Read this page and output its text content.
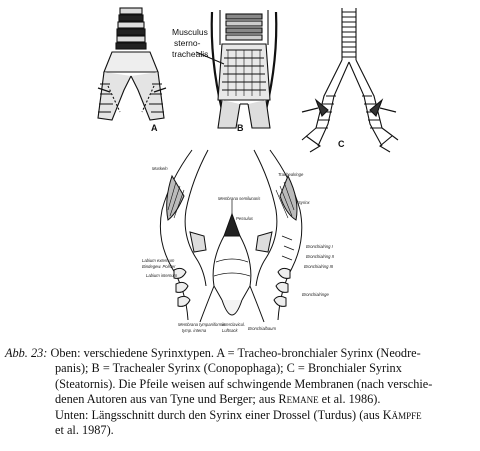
A	B
C
Musculus
sterno-
trachealis
Muskeln
Membrana semilunaris
Pessulus
Labium externum
Bindegew. Polster
Labium internum
Membrana tympaniformis
tymp. interna
interclavicul.
Luftsack Bronchialbaum
Trachealringe
Syrinx
Bronchialring I
Bronchialring II
Bronchialring III
Bronchialringe
Abb. 23: Oben: verschiedene Syrinxtypen. A = Tracheo-bronchialer Syrinx (Neodre-
panis); B = Trachealer Syrinx (Conopophaga); C = Bronchialer Syrinx
(Steatornis). Die Pfeile weisen auf schwingende Membranen (nach verschie-
denen Autoren aus van Tyne und Berger; aus Remane et al. 1986).
Unten: Längsschnitt durch den Syrinx einer Drossel (Turdus) (aus Kämpfe
et al. 1987).
